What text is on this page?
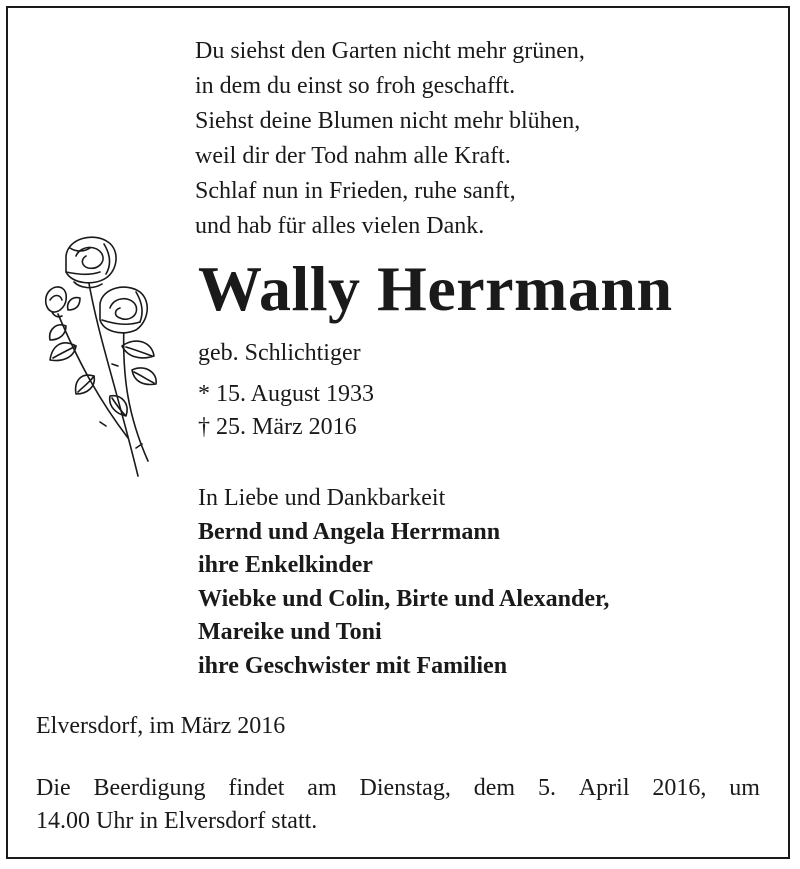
Du siehst den Garten nicht mehr grünen,
in dem du einst so froh geschafft.
Siehst deine Blumen nicht mehr blühen,
weil dir der Tod nahm alle Kraft.
Schlaf nun in Frieden, ruhe sanft,
und hab für alles vielen Dank.
Wally Herrmann
geb. Schlichtiger
* 15. August 1933
† 25. März 2016
In Liebe und Dankbarkeit
Bernd und Angela Herrmann
ihre Enkelkinder
Wiebke und Colin, Birte und Alexander,
Mareike und Toni
ihre Geschwister mit Familien
Elversdorf, im März 2016
Die Beerdigung findet am Dienstag, dem 5. April 2016, um
14.00 Uhr in Elversdorf statt.
